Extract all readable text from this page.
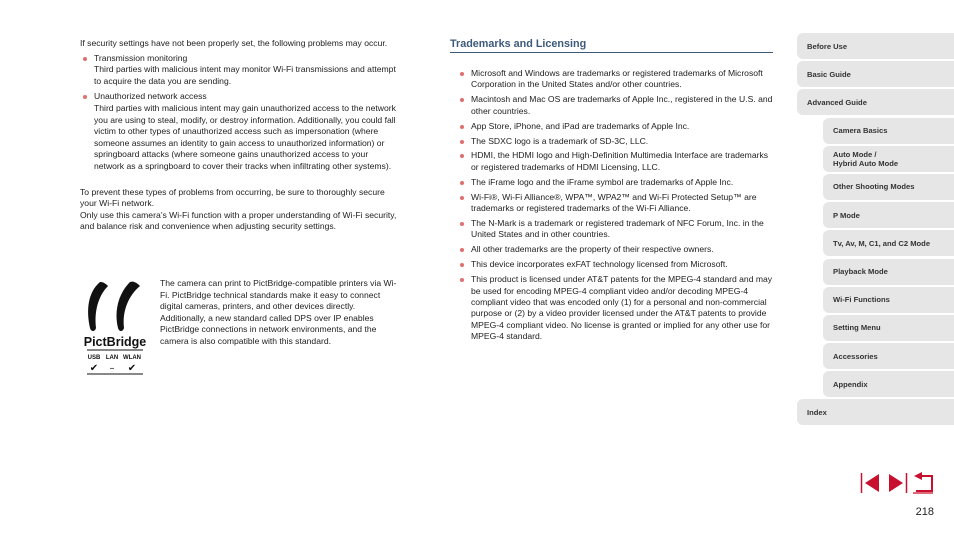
If security settings have not been properly set, the following problems may occur.

Transmission monitoring
Third parties with malicious intent may monitor Wi-Fi transmissions and attempt to acquire the data you are sending.
Unauthorized network access
Third parties with malicious intent may gain unauthorized access to the network you are using to steal, modify, or destroy information. Additionally, you could fall victim to other types of unauthorized access such as impersonation (where someone assumes an identity to gain access to unauthorized information) or springboard attacks (where someone gains unauthorized access to your network as a springboard to cover their tracks when infiltrating other systems).

To prevent these types of problems from occurring, be sure to thoroughly secure your Wi-Fi network.

Only use this camera’s Wi-Fi function with a proper understanding of Wi-Fi security, and balance risk and convenience when adjusting security settings.

PictBridge
USB LAN WLAN
✔ – ✔

The camera can print to PictBridge-compatible printers via Wi-Fi. PictBridge technical standards make it easy to connect digital cameras, printers, and other devices directly. Additionally, a new standard called DPS over IP enables PictBridge connections in network environments, and the camera is also compatible with this standard.

Trademarks and Licensing
Microsoft and Windows are trademarks or registered trademarks of Microsoft Corporation in the United States and/or other countries.
Macintosh and Mac OS are trademarks of Apple Inc., registered in the U.S. and other countries.
App Store, iPhone, and iPad are trademarks of Apple Inc.
The SDXC logo is a trademark of SD-3C, LLC.
HDMI, the HDMI logo and High-Definition Multimedia Interface are trademarks or registered trademarks of HDMI Licensing, LLC.
The iFrame logo and the iFrame symbol are trademarks of Apple Inc.
Wi-Fi®, Wi-Fi Alliance®, WPA™, WPA2™ and Wi-Fi Protected Setup™ are trademarks or registered trademarks of the Wi-Fi Alliance.
The N-Mark is a trademark or registered trademark of NFC Forum, Inc. in the United States and in other countries.
All other trademarks are the property of their respective owners.
This device incorporates exFAT technology licensed from Microsoft.
This product is licensed under AT&T patents for the MPEG-4 standard and may be used for encoding MPEG-4 compliant video and/or decoding MPEG-4 compliant video that was encoded only (1) for a personal and non-commercial purpose or (2) by a video provider licensed under the AT&T patents to provide MPEG-4 compliant video. No license is granted or implied for any other use for MPEG-4 standard.
Before Use
Basic Guide
Advanced Guide
Camera Basics
Auto Mode /
Hybrid Auto Mode
Other Shooting Modes
P Mode
Tv, Av, M, C1, and C2 Mode
Playback Mode
Wi-Fi Functions
Setting Menu
Accessories
Appendix
Index
218
